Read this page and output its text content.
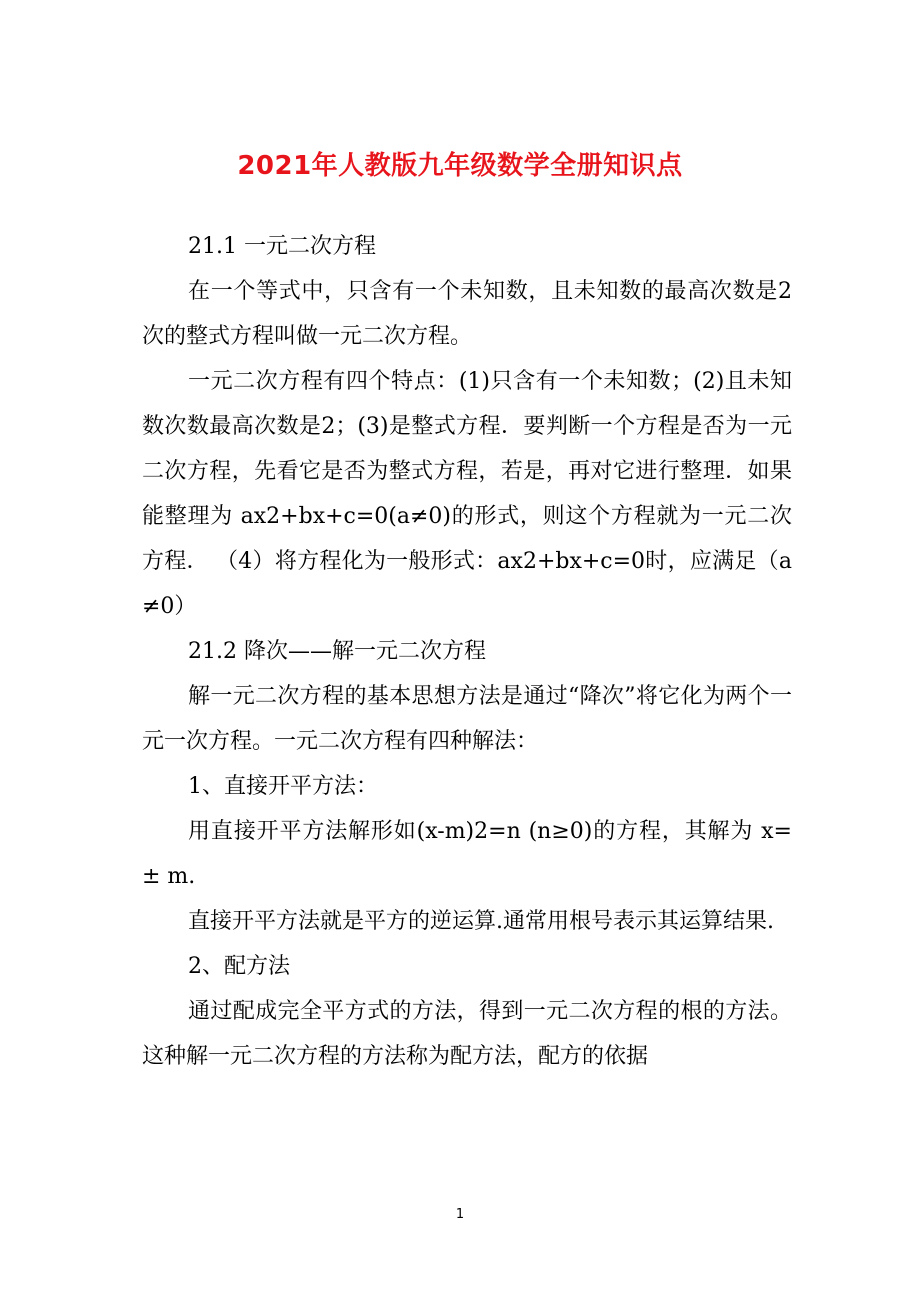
2021年人教版九年级数学全册知识点

21.1 一元二次方程

在一个等式中，只含有一个未知数，且未知数的最高次数是2次的整式方程叫做一元二次方程。

一元二次方程有四个特点：(1)只含有一个未知数；(2)且未知数次数最高次数是2；(3)是整式方程．要判断一个方程是否为一元二次方程，先看它是否为整式方程，若是，再对它进行整理．如果能整理为 ax2+bx+c=0(a≠0)的形式，则这个方程就为一元二次方程． （4）将方程化为一般形式：ax2+bx+c=0时，应满足（a≠0）

21.2 降次——解一元二次方程

解一元二次方程的基本思想方法是通过“降次”将它化为两个一元一次方程。一元二次方程有四种解法：

1、直接开平方法：

用直接开平方法解形如(x-m)2=n (n≥0)的方程，其解为 x=± m.

直接开平方法就是平方的逆运算.通常用根号表示其运算结果.

2、配方法

通过配成完全平方式的方法，得到一元二次方程的根的方法。这种解一元二次方程的方法称为配方法，配方的依据

1
